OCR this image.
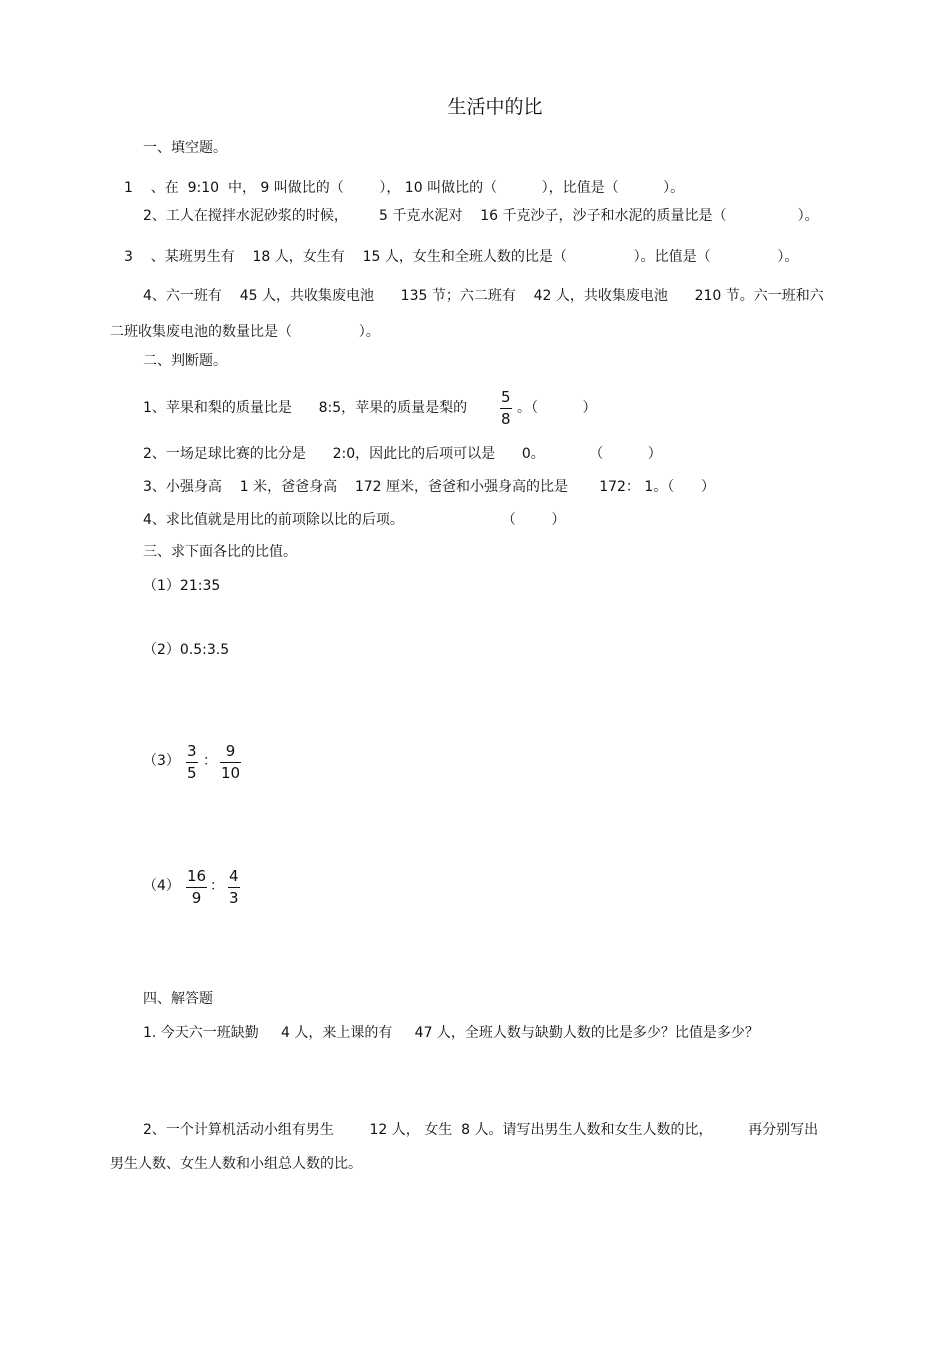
生活中的比
一、填空题。
1    、在  9:10  中， 9 叫做比的（        ）， 10 叫做比的（          ），比值是（          ）。
2、工人在搅拌水泥砂浆的时候，       5 千克水泥对    16 千克沙子，沙子和水泥的质量比是（                ）。
3    、某班男生有    18 人，女生有    15 人，女生和全班人数的比是（               ）。比值是（               ）。
4、六一班有    45 人，共收集废电池      135 节；六二班有    42 人，共收集废电池      210 节。六一班和六
二班收集废电池的数量比是（               ）。
二、判断题。
1、苹果和梨的质量比是      8:5，苹果的质量是梨的
5
8
。（          ）
2、一场足球比赛的比分是      2:0，因此比的后项可以是      0。          （          ）
3、小强身高    1 米，爸爸身高    172 厘米，爸爸和小强身高的比是       172： 1。（      ）
4、求比值就是用比的前项除以比的后项。                      （        ）
三、求下面各比的比值。
（1）21:35
（2）0.5:3.5
（3）
3
5
：
9
10
（4）
16
9
：
4
3
四、解答题
1. 今天六一班缺勤     4 人，来上课的有     47 人，全班人数与缺勤人数的比是多少？比值是多少？
2、一个计算机活动小组有男生        12 人， 女生  8 人。请写出男生人数和女生人数的比，        再分别写出
男生人数、女生人数和小组总人数的比。
